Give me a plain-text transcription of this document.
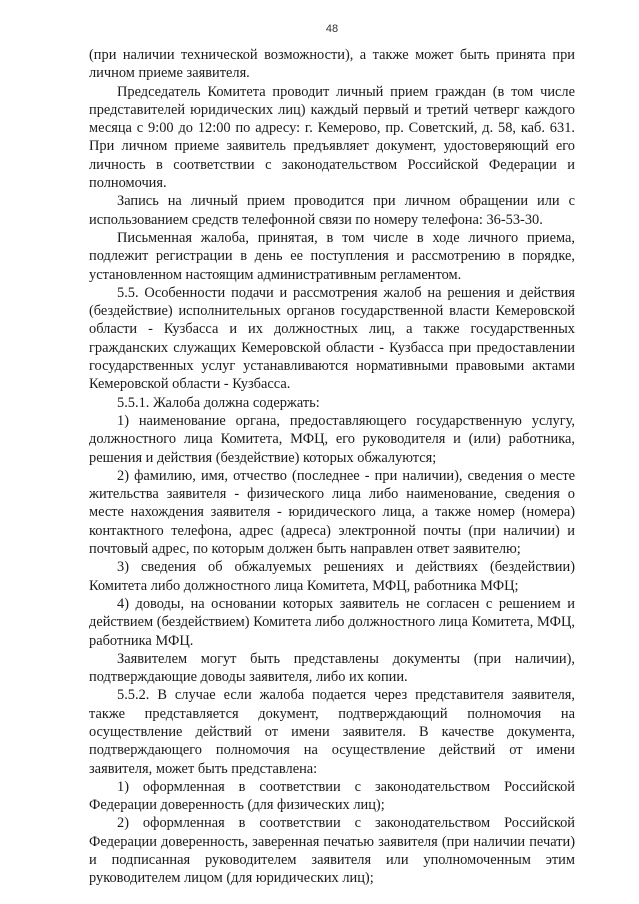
48

(при наличии технической возможности), а также может быть принята при личном приеме заявителя.

Председатель Комитета проводит личный прием граждан (в том числе представителей юридических лиц) каждый первый и третий четверг каждого месяца с 9:00 до 12:00 по адресу: г. Кемерово, пр. Советский, д. 58, каб. 631. При личном приеме заявитель предъявляет документ, удостоверяющий его личность в соответствии с законодательством Российской Федерации и полномочия.

Запись на личный прием проводится при личном обращении или с использованием средств телефонной связи по номеру телефона: 36-53-30.

Письменная жалоба, принятая, в том числе в ходе личного приема, подлежит регистрации в день ее поступления и рассмотрению в порядке, установленном настоящим административным регламентом.

5.5. Особенности подачи и рассмотрения жалоб на решения и действия (бездействие) исполнительных органов государственной власти Кемеровской области - Кузбасса и их должностных лиц, а также государственных гражданских служащих Кемеровской области - Кузбасса при предоставлении государственных услуг устанавливаются нормативными правовыми актами Кемеровской области - Кузбасса.

5.5.1. Жалоба должна содержать:

1) наименование органа, предоставляющего государственную услугу, должностного лица Комитета, МФЦ, его руководителя и (или) работника, решения и действия (бездействие) которых обжалуются;

2) фамилию, имя, отчество (последнее - при наличии), сведения о месте жительства заявителя - физического лица либо наименование, сведения о месте нахождения заявителя - юридического лица, а также номер (номера) контактного телефона, адрес (адреса) электронной почты (при наличии) и почтовый адрес, по которым должен быть направлен ответ заявителю;

3) сведения об обжалуемых решениях и действиях (бездействии) Комитета либо должностного лица Комитета, МФЦ, работника МФЦ;

4) доводы, на основании которых заявитель не согласен с решением и действием (бездействием) Комитета либо должностного лица Комитета, МФЦ, работника МФЦ.

Заявителем могут быть представлены документы (при наличии), подтверждающие доводы заявителя, либо их копии.

5.5.2. В случае если жалоба подается через представителя заявителя, также представляется документ, подтверждающий полномочия на осуществление действий от имени заявителя. В качестве документа, подтверждающего полномочия на осуществление действий от имени заявителя, может быть представлена:

1) оформленная в соответствии с законодательством Российской Федерации доверенность (для физических лиц);

2) оформленная в соответствии с законодательством Российской Федерации доверенность, заверенная печатью заявителя (при наличии печати) и подписанная руководителем заявителя или уполномоченным этим руководителем лицом (для юридических лиц);
